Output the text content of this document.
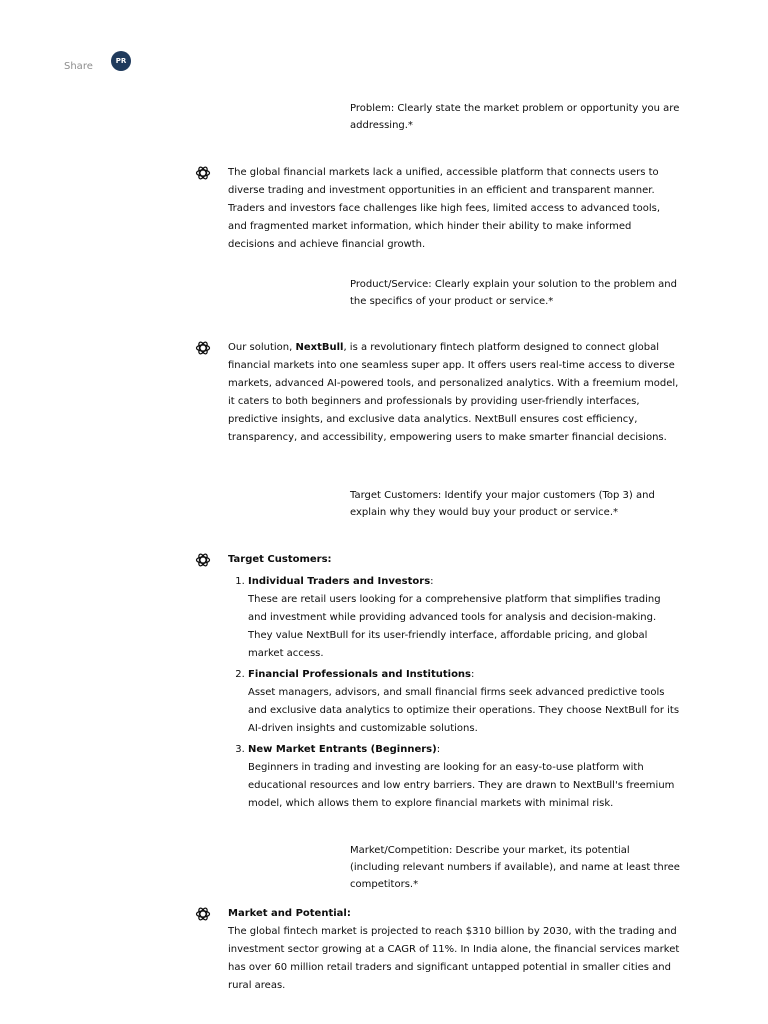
Share	PR
Problem: Clearly state the market problem or opportunity you are addressing.*

The global financial markets lack a unified, accessible platform that connects users to diverse trading and investment opportunities in an efficient and transparent manner. Traders and investors face challenges like high fees, limited access to advanced tools, and fragmented market information, which hinder their ability to make informed decisions and achieve financial growth.

Product/Service: Clearly explain your solution to the problem and the specifics of your product or service.*

Our solution, NextBull, is a revolutionary fintech platform designed to connect global financial markets into one seamless super app. It offers users real-time access to diverse markets, advanced AI-powered tools, and personalized analytics. With a freemium model, it caters to both beginners and professionals by providing user-friendly interfaces, predictive insights, and exclusive data analytics. NextBull ensures cost efficiency, transparency, and accessibility, empowering users to make smarter financial decisions.

Target Customers: Identify your major customers (Top 3) and explain why they would buy your product or service.*

Target Customers:

1. Individual Traders and Investors:

These are retail users looking for a comprehensive platform that simplifies trading and investment while providing advanced tools for analysis and decision-making. They value NextBull for its user-friendly interface, affordable pricing, and global market access.

2. Financial Professionals and Institutions:

Asset managers, advisors, and small financial firms seek advanced predictive tools and exclusive data analytics to optimize their operations. They choose NextBull for its AI-driven insights and customizable solutions.

3. New Market Entrants (Beginners):

Beginners in trading and investing are looking for an easy-to-use platform with educational resources and low entry barriers. They are drawn to NextBull's freemium model, which allows them to explore financial markets with minimal risk.

Market/Competition: Describe your market, its potential (including relevant numbers if available), and name at least three competitors.*

Market and Potential:

The global fintech market is projected to reach $310 billion by 2030, with the trading and investment sector growing at a CAGR of 11%. In India alone, the financial services market has over 60 million retail traders and significant untapped potential in smaller cities and rural areas.
